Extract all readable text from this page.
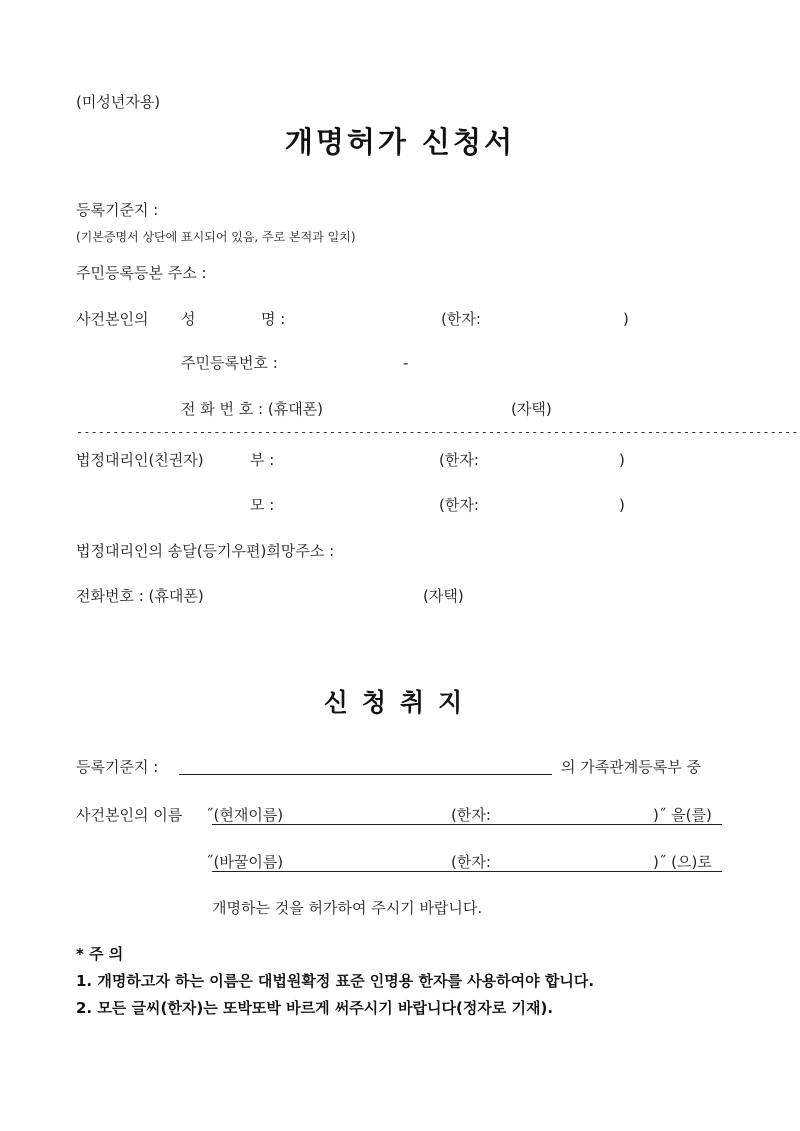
(미성년자용)
개명허가 신청서
등록기준지 :
(기본증명서 상단에 표시되어 있음, 주로 본적과 일치)
주민등록등본 주소 :
사건본인의 성	명 :	(한자:	)
주민등록번호 :	-
전 화 번 호 : (휴대폰)	(자택)
----------------------------------------------------------------------------------------------------
법정대리인(친권자)	부 :	(한자:	)
모 :	(한자:	)
법정대리인의 송달(등기우편)희망주소 :
전화번호 : (휴대폰)	(자택)
신청취지
등록기준지 :	의 가족관계등록부 중
사건본인의 이름 ˝(현재이름)	(한자:	)˝ 을(를)
˝(바꿀이름)	(한자:	)˝ (으)로
개명하는 것을 허가하여 주시기 바랍니다.
* 주 의
1. 개명하고자 하는 이름은 대법원확정 표준 인명용 한자를 사용하여야 합니다.
2. 모든 글씨(한자)는 또박또박 바르게 써주시기 바랍니다(정자로 기재).
